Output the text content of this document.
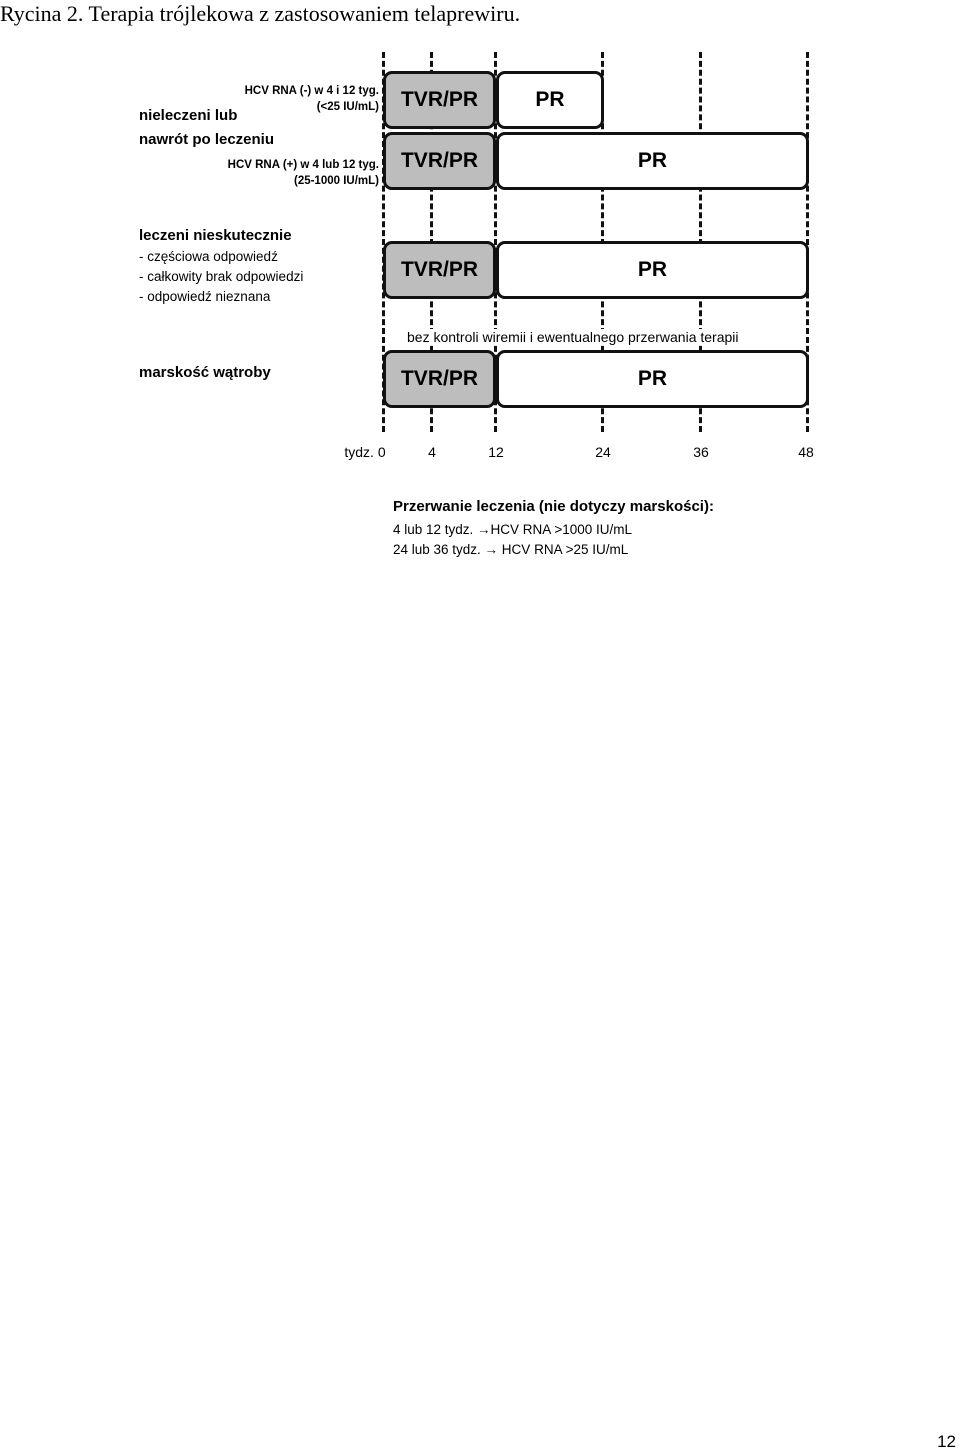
Rycina 2. Terapia trójlekowa z zastosowaniem telaprewiru.
nieleczeni lub
nawrót po leczeniu
HCV RNA (-) w 4 i 12 tyg.
(<25 IU/mL)
HCV RNA (+) w 4 lub 12 tyg.
(25-1000 IU/mL)
TVR/PR	PR
TVR/PR	PR
leczeni nieskutecznie
- częściowa odpowiedź
- całkowity brak odpowiedzi
- odpowiedź nieznana
TVR/PR	PR
bez kontroli wiremii i ewentualnego przerwania terapii
marskość wątroby	TVR/PR	PR
tydz. 0	4	12	24	36	48
Przerwanie leczenia (nie dotyczy marskości):
4 lub 12 tydz. →HCV RNA >1000 IU/mL
24 lub 36 tydz. → HCV RNA >25 IU/mL
12
